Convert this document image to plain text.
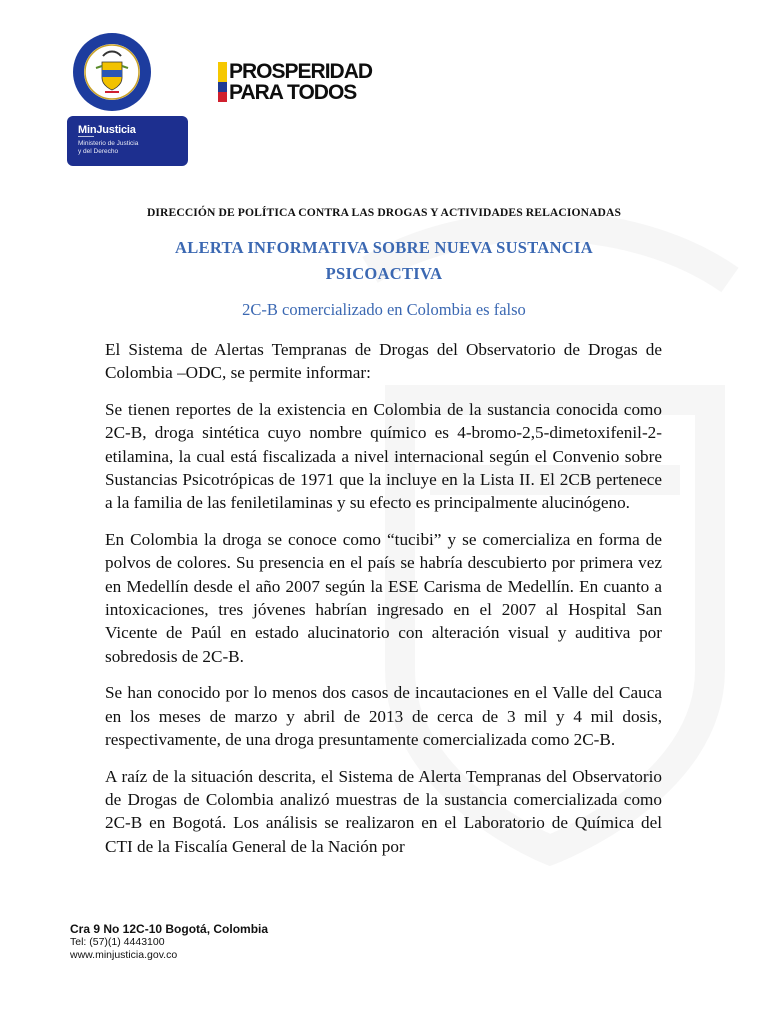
MinJusticia
Ministerio de Justicia
y del Derecho
PROSPERIDAD
PARA TODOS
DIRECCIÓN DE POLÍTICA CONTRA LAS DROGAS Y ACTIVIDADES RELACIONADAS
ALERTA INFORMATIVA SOBRE NUEVA SUSTANCIA
PSICOACTIVA
2C-B comercializado en Colombia es falso

El Sistema de Alertas Tempranas de Drogas del Observatorio de Drogas de Colombia –ODC, se permite informar:

Se tienen reportes de la existencia en Colombia de la sustancia conocida como 2C-B, droga sintética cuyo nombre químico es 4-bromo-2,5-dimetoxifenil-2-etilamina, la cual está fiscalizada a nivel internacional según el Convenio sobre Sustancias Psicotrópicas de 1971 que la incluye en la Lista II. El 2CB pertenece a la familia de las feniletilaminas y su efecto es principalmente alucinógeno.

En Colombia la droga se conoce como “tucibi” y se comercializa en forma de polvos de colores. Su presencia en el país se habría descubierto por primera vez en Medellín desde el año 2007 según la ESE Carisma de Medellín. En cuanto a intoxicaciones, tres jóvenes habrían ingresado en el 2007 al Hospital San Vicente de Paúl en estado alucinatorio con alteración visual y auditiva por sobredosis de 2C-B.

Se han conocido por lo menos dos casos de incautaciones en el Valle del Cauca en los meses de marzo y abril de 2013 de cerca de 3 mil y 4 mil dosis, respectivamente, de una droga presuntamente comercializada como 2C-B.

A raíz de la situación descrita, el Sistema de Alerta Tempranas del Observatorio de Drogas de Colombia analizó muestras de la sustancia comercializada como 2C-B en Bogotá. Los análisis se realizaron en el Laboratorio de Química del CTI de la Fiscalía General de la Nación por

Cra 9 No 12C-10 Bogotá, Colombia
Tel: (57)(1) 4443100
www.minjusticia.gov.co
